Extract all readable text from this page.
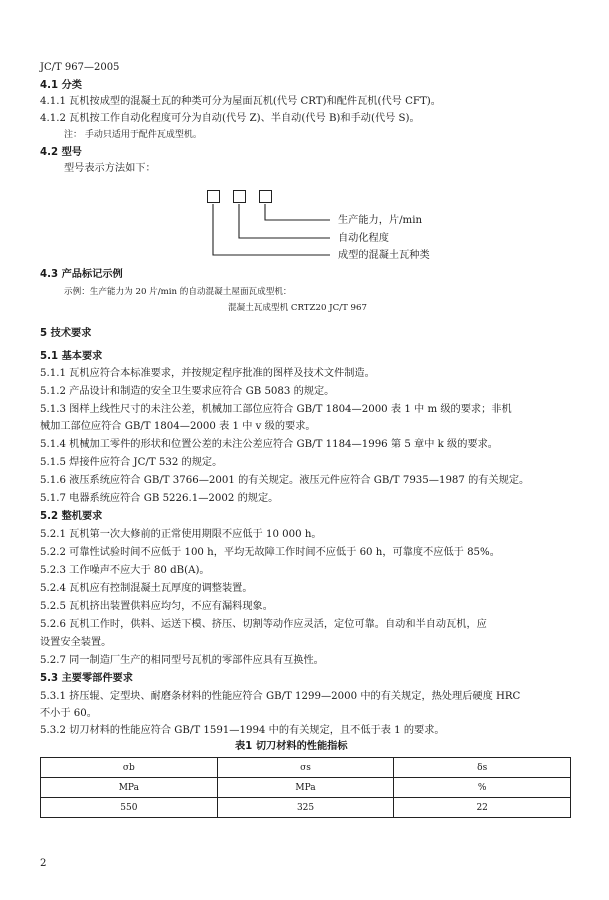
JC/T 967—2005
4.1 分类
4.1.1 瓦机按成型的混凝土瓦的种类可分为屋面瓦机(代号 CRT)和配件瓦机(代号 CFT)。
4.1.2 瓦机按工作自动化程度可分为自动(代号 Z)、半自动(代号 B)和手动(代号 S)。
注： 手动只适用于配件瓦成型机。
4.2 型号
型号表示方法如下：
生产能力，片/min
自动化程度
成型的混凝土瓦种类
4.3 产品标记示例
示例：生产能力为 20 片/min 的自动混凝土屋面瓦成型机：
混凝土瓦成型机 CRTZ20 JC/T 967
5 技术要求
5.1 基本要求
5.1.1 瓦机应符合本标准要求，并按规定程序批准的图样及技术文件制造。
5.1.2 产品设计和制造的安全卫生要求应符合 GB 5083 的规定。
5.1.3 图样上线性尺寸的未注公差，机械加工部位应符合 GB/T 1804—2000 表 1 中 m 级的要求；非机
械加工部位应符合 GB/T 1804—2000 表 1 中 v 级的要求。
5.1.4 机械加工零件的形状和位置公差的未注公差应符合 GB/T 1184—1996 第 5 章中 k 级的要求。
5.1.5 焊接件应符合 JC/T 532 的规定。
5.1.6 液压系统应符合 GB/T 3766—2001 的有关规定。液压元件应符合 GB/T 7935—1987 的有关规定。
5.1.7 电器系统应符合 GB 5226.1—2002 的规定。
5.2 整机要求
5.2.1 瓦机第一次大修前的正常使用期限不应低于 10 000 h。
5.2.2 可靠性试验时间不应低于 100 h，平均无故障工作时间不应低于 60 h，可靠度不应低于 85%。
5.2.3 工作噪声不应大于 80 dB(A)。
5.2.4 瓦机应有控制混凝土瓦厚度的调整装置。
5.2.5 瓦机挤出装置供料应均匀，不应有漏料现象。
5.2.6 瓦机工作时，供料、运送下模、挤压、切割等动作应灵活，定位可靠。自动和半自动瓦机，应
设置安全装置。
5.2.7 同一制造厂生产的相同型号瓦机的零部件应具有互换性。
5.3 主要零部件要求
5.3.1 挤压辊、定型块、耐磨条材料的性能应符合 GB/T 1299—2000 中的有关规定，热处理后硬度 HRC
不小于 60。
5.3.2 切刀材料的性能应符合 GB/T 1591—1994 中的有关规定，且不低于表 1 的要求。
表1 切刀材料的性能指标
σb	σs	δs
MPa	MPa	%
550	325	22
2
